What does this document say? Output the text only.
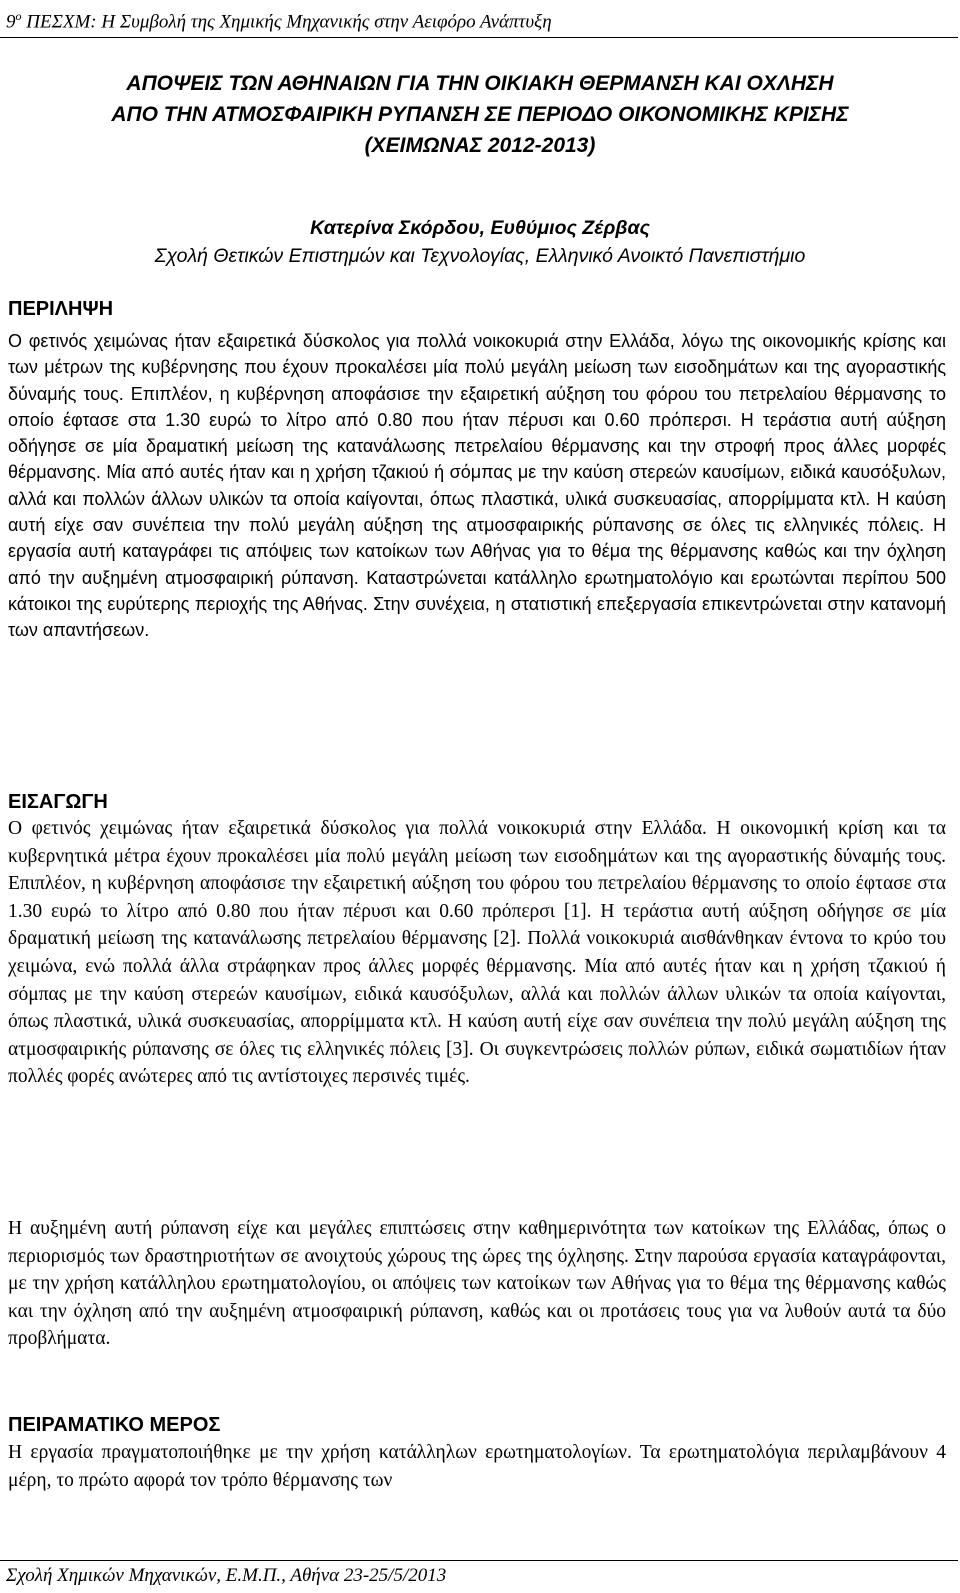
$9^o$ ΠΕΣΧΜ: Η Συμβολή της Χημικής Μηχανικής στην Αειφόρο Ανάπτυξη
ΑΠΟΨΕΙΣ ΤΩΝ ΑΘΗΝΑΙΩΝ ΓΙΑ ΤΗΝ ΟΙΚΙΑΚΗ ΘΕΡΜΑΝΣΗ ΚΑΙ ΟΧΛΗΣΗ
ΑΠΟ ΤΗΝ ΑΤΜΟΣΦΑΙΡΙΚΗ ΡΥΠΑΝΣΗ ΣΕ ΠΕΡΙΟΔΟ ΟΙΚΟΝΟΜΙΚΗΣ ΚΡΙΣΗΣ
(ΧΕΙΜΩΝΑΣ 2012-2013)
Κατερίνα Σκόρδου, Ευθύμιος Ζέρβας
Σχολή Θετικών Επιστημών και Τεχνολογίας, Ελληνικό Ανοικτό Πανεπιστήμιο
ΠΕΡΙΛΗΨΗ
Ο φετινός χειμώνας ήταν εξαιρετικά δύσκολος για πολλά νοικοκυριά στην Ελλάδα, λόγω της οικονομικής κρίσης και των μέτρων της κυβέρνησης που έχουν προκαλέσει μία πολύ μεγάλη μείωση των εισοδημάτων και της αγοραστικής δύναμής τους. Επιπλέον, η κυβέρνηση αποφάσισε την εξαιρετική αύξηση του φόρου του πετρελαίου θέρμανσης το οποίο έφτασε στα 1.30 ευρώ το λίτρο από 0.80 που ήταν πέρυσι και 0.60 πρόπερσι. Η τεράστια αυτή αύξηση οδήγησε σε μία δραματική μείωση της κατανάλωσης πετρελαίου θέρμανσης και την στροφή προς άλλες μορφές θέρμανσης. Μία από αυτές ήταν και η χρήση τζακιού ή σόμπας με την καύση στερεών καυσίμων, ειδικά καυσόξυλων, αλλά και πολλών άλλων υλικών τα οποία καίγονται, όπως πλαστικά, υλικά συσκευασίας, απορρίμματα κτλ. Η καύση αυτή είχε σαν συνέπεια την πολύ μεγάλη αύξηση της ατμοσφαιρικής ρύπανσης σε όλες τις ελληνικές πόλεις. Η εργασία αυτή καταγράφει τις απόψεις των κατοίκων των Αθήνας για το θέμα της θέρμανσης καθώς και την όχληση από την αυξημένη ατμοσφαιρική ρύπανση. Καταστρώνεται κατάλληλο ερωτηματολόγιο και ερωτώνται περίπου 500 κάτοικοι της ευρύτερης περιοχής της Αθήνας. Στην συνέχεια, η στατιστική επεξεργασία επικεντρώνεται στην κατανομή των απαντήσεων.
ΕΙΣΑΓΩΓΗ
Ο φετινός χειμώνας ήταν εξαιρετικά δύσκολος για πολλά νοικοκυριά στην Ελλάδα. Η οικονομική κρίση και τα κυβερνητικά μέτρα έχουν προκαλέσει μία πολύ μεγάλη μείωση των εισοδημάτων και της αγοραστικής δύναμής τους. Επιπλέον, η κυβέρνηση αποφάσισε την εξαιρετική αύξηση του φόρου του πετρελαίου θέρμανσης το οποίο έφτασε στα 1.30 ευρώ το λίτρο από 0.80 που ήταν πέρυσι και 0.60 πρόπερσι [1]. Η τεράστια αυτή αύξηση οδήγησε σε μία δραματική μείωση της κατανάλωσης πετρελαίου θέρμανσης [2]. Πολλά νοικοκυριά αισθάνθηκαν έντονα το κρύο του χειμώνα, ενώ πολλά άλλα στράφηκαν προς άλλες μορφές θέρμανσης. Μία από αυτές ήταν και η χρήση τζακιού ή σόμπας με την καύση στερεών καυσίμων, ειδικά καυσόξυλων, αλλά και πολλών άλλων υλικών τα οποία καίγονται, όπως πλαστικά, υλικά συσκευασίας, απορρίμματα κτλ. Η καύση αυτή είχε σαν συνέπεια την πολύ μεγάλη αύξηση της ατμοσφαιρικής ρύπανσης σε όλες τις ελληνικές πόλεις [3]. Οι συγκεντρώσεις πολλών ρύπων, ειδικά σωματιδίων ήταν πολλές φορές ανώτερες από τις αντίστοιχες περσινές τιμές.
Η αυξημένη αυτή ρύπανση είχε και μεγάλες επιπτώσεις στην καθημερινότητα των κατοίκων της Ελλάδας, όπως ο περιορισμός των δραστηριοτήτων σε ανοιχτούς χώρους της ώρες της όχλησης. Στην παρούσα εργασία καταγράφονται, με την χρήση κατάλληλου ερωτηματολογίου, οι απόψεις των κατοίκων των Αθήνας για το θέμα της θέρμανσης καθώς και την όχληση από την αυξημένη ατμοσφαιρική ρύπανση, καθώς και οι προτάσεις τους για να λυθούν αυτά τα δύο προβλήματα.
ΠΕΙΡΑΜΑΤΙΚΟ ΜΕΡΟΣ
Η εργασία πραγματοποιήθηκε με την χρήση κατάλληλων ερωτηματολογίων. Τα ερωτηματολόγια περιλαμβάνουν 4 μέρη, το πρώτο αφορά τον τρόπο θέρμανσης των
Σχολή Χημικών Μηχανικών, Ε.Μ.Π., Αθήνα 23-25/5/2013
